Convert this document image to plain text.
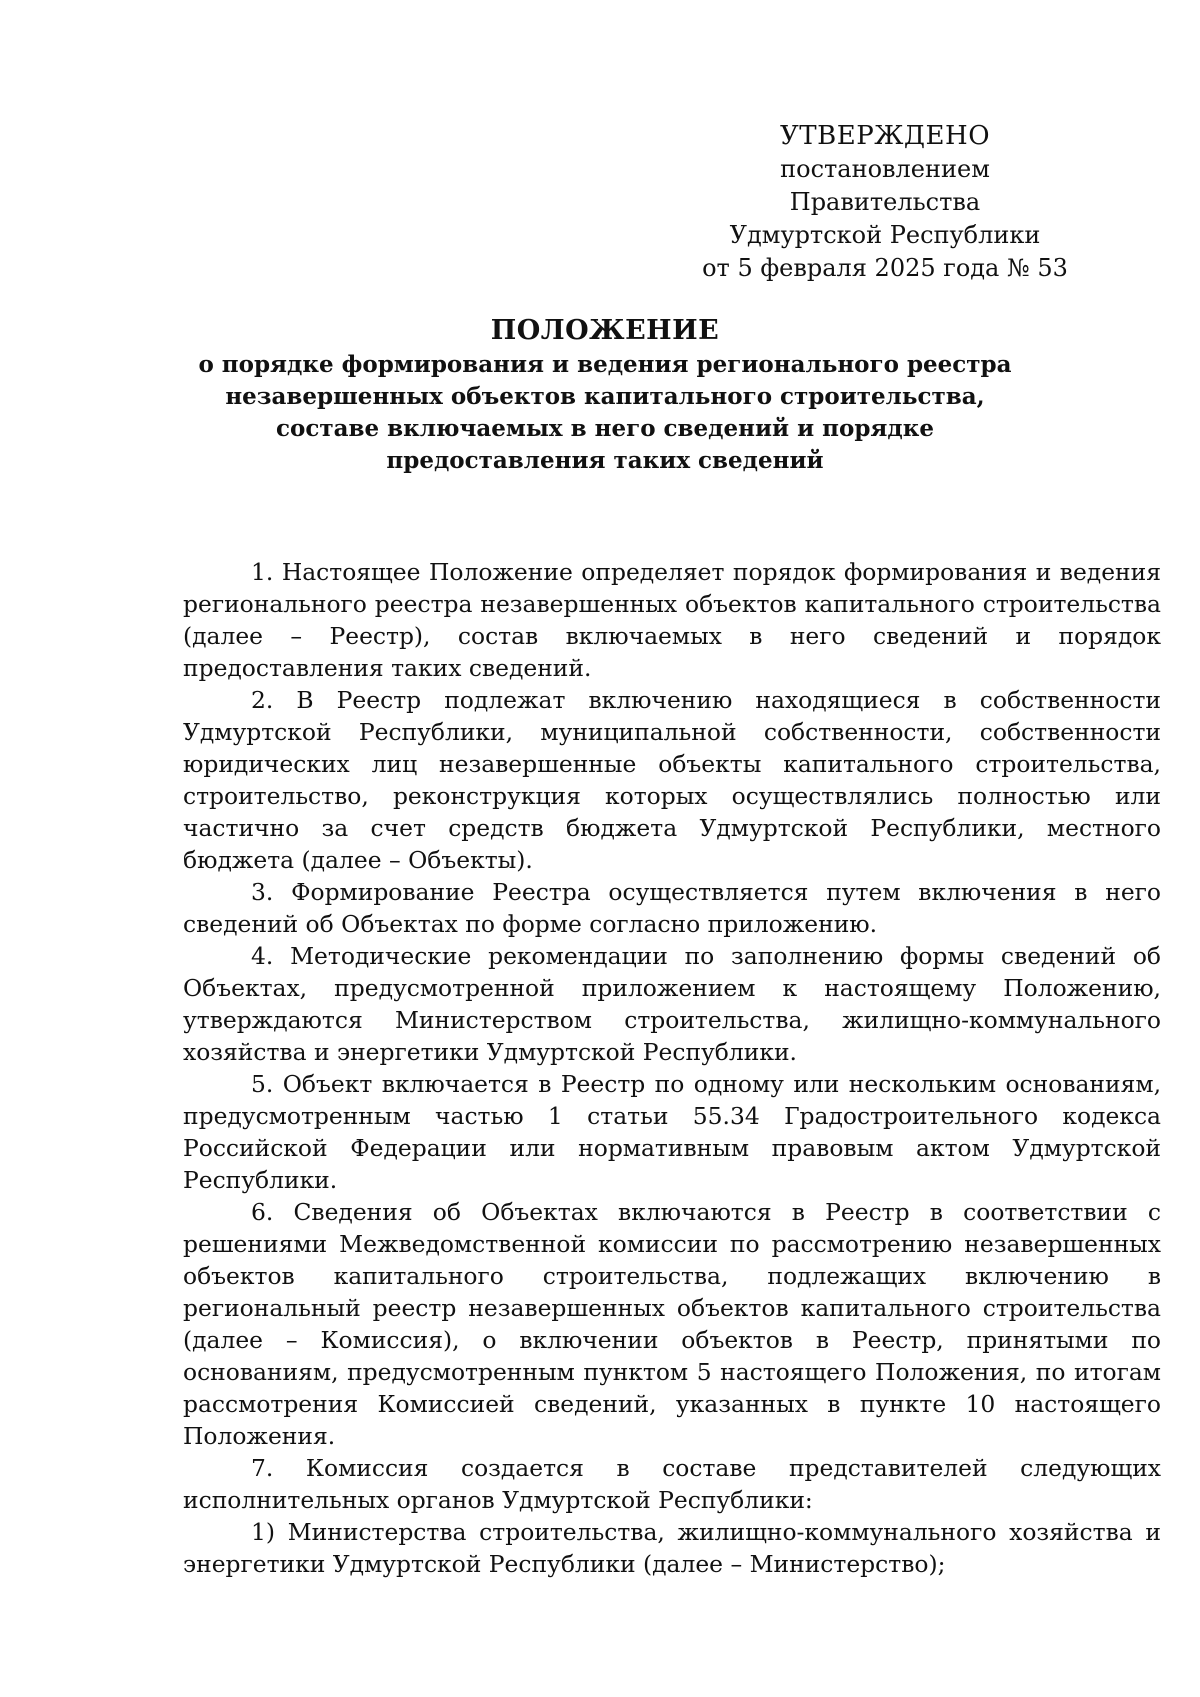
УТВЕРЖДЕНО
постановлением Правительства
Удмуртской Республики
от 5 февраля 2025 года № 53
ПОЛОЖЕНИЕ
о порядке формирования и ведения регионального реестра незавершенных объектов капитального строительства, составе включаемых в него сведений и порядке предоставления таких сведений

1. Настоящее Положение определяет порядок формирования и ведения регионального реестра незавершенных объектов капитального строительства (далее – Реестр), состав включаемых в него сведений и порядок предоставления таких сведений.

2. В Реестр подлежат включению находящиеся в собственности Удмуртской Республики, муниципальной собственности, собственности юридических лиц незавершенные объекты капитального строительства, строительство, реконструкция которых осуществлялись полностью или частично за счет средств бюджета Удмуртской Республики, местного бюджета (далее – Объекты).

3. Формирование Реестра осуществляется путем включения в него сведений об Объектах по форме согласно приложению.

4. Методические рекомендации по заполнению формы сведений об Объектах, предусмотренной приложением к настоящему Положению, утверждаются Министерством строительства, жилищно-коммунального хозяйства и энергетики Удмуртской Республики.

5. Объект включается в Реестр по одному или нескольким основаниям, предусмотренным частью 1 статьи 55.34 Градостроительного кодекса Российской Федерации или нормативным правовым актом Удмуртской Республики.

6. Сведения об Объектах включаются в Реестр в соответствии с решениями Межведомственной комиссии по рассмотрению незавершенных объектов капитального строительства, подлежащих включению в региональный реестр незавершенных объектов капитального строительства (далее – Комиссия), о включении объектов в Реестр, принятыми по основаниям, предусмотренным пунктом 5 настоящего Положения, по итогам рассмотрения Комиссией сведений, указанных в пункте 10 настоящего Положения.

7. Комиссия создается в составе представителей следующих исполнительных органов Удмуртской Республики:

1) Министерства строительства, жилищно-коммунального хозяйства и энергетики Удмуртской Республики (далее – Министерство);
